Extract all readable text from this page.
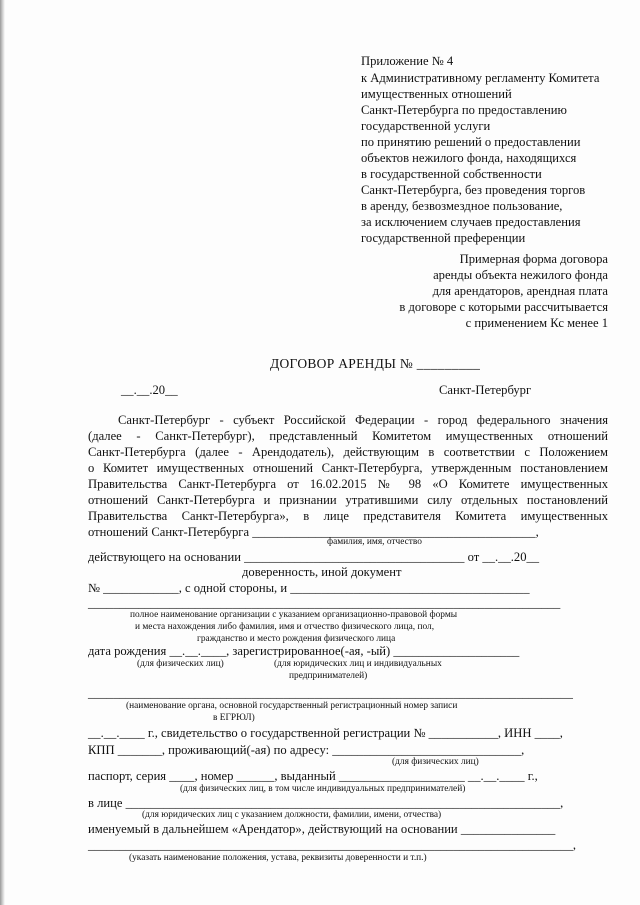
Приложение № 4
к Административному регламенту Комитета
имущественных отношений
Санкт-Петербурга по предоставлению
государственной услуги
по принятию решений о предоставлении
объектов нежилого фонда, находящихся
в государственной собственности
Санкт-Петербурга, без проведения торгов
в аренду, безвозмездное пользование,
за исключением случаев предоставления
государственной преференции
Примерная форма договора
аренды объекта нежилого фонда
для арендаторов, арендная плата
в договоре с которыми рассчитывается
с применением Кс менее 1
ДОГОВОР АРЕНДЫ № _________
__.__.20__	Санкт-Петербург
Санкт-Петербург - субъект Российской Федерации - город федерального значения
(далее - Санкт-Петербург), представленный Комитетом имущественных отношений
Санкт-Петербурга (далее - Арендодатель), действующим в соответствии с Положением
о Комитет имущественных отношений Санкт-Петербурга, утвержденным постановлением
Правительства Санкт-Петербурга от 16.02.2015 № 98 «О Комитете имущественных
отношений Санкт-Петербурга и признании утратившими силу отдельных постановлений
Правительства Санкт-Петербурга», в лице представителя Комитета имущественных
отношений Санкт-Петербурга _____________________________________________,
фамилия, имя, отчество
действующего на основании ___________________________________ от __.__.20__
доверенность, иной документ
№ ____________, с одной стороны, и ______________________________________
___________________________________________________________________________
полное наименование организации с указанием организационно-правовой формы
и места нахождения либо фамилия, имя и отчество физического лица, пол,
гражданство и место рождения физического лица
дата рождения __.__.____, зарегистрированное(-ая, -ый) ____________________
(для физических лиц)	(для юридических лиц и индивидуальных
предпринимателей)
_____________________________________________________________________________
(наименование органа, основной государственный регистрационный номер записи
в ЕГРЮЛ)
__.__.____ г., свидетельство о государственной регистрации № ___________, ИНН ____,
КПП _______, проживающий(-ая) по адресу: ______________________________,
(для физических лиц)
паспорт, серия ____, номер ______, выданный ____________________ __.__.____ г.,
(для физических лиц, в том числе индивидуальных предпринимателей)
в лице _____________________________________________________________________,
(для юридических лиц с указанием должности, фамилии, имени, отчества)
именуемый в дальнейшем «Арендатор», действующий на основании _______________
_____________________________________________________________________________,
(указать наименование положения, устава, реквизиты доверенности и т.п.)
